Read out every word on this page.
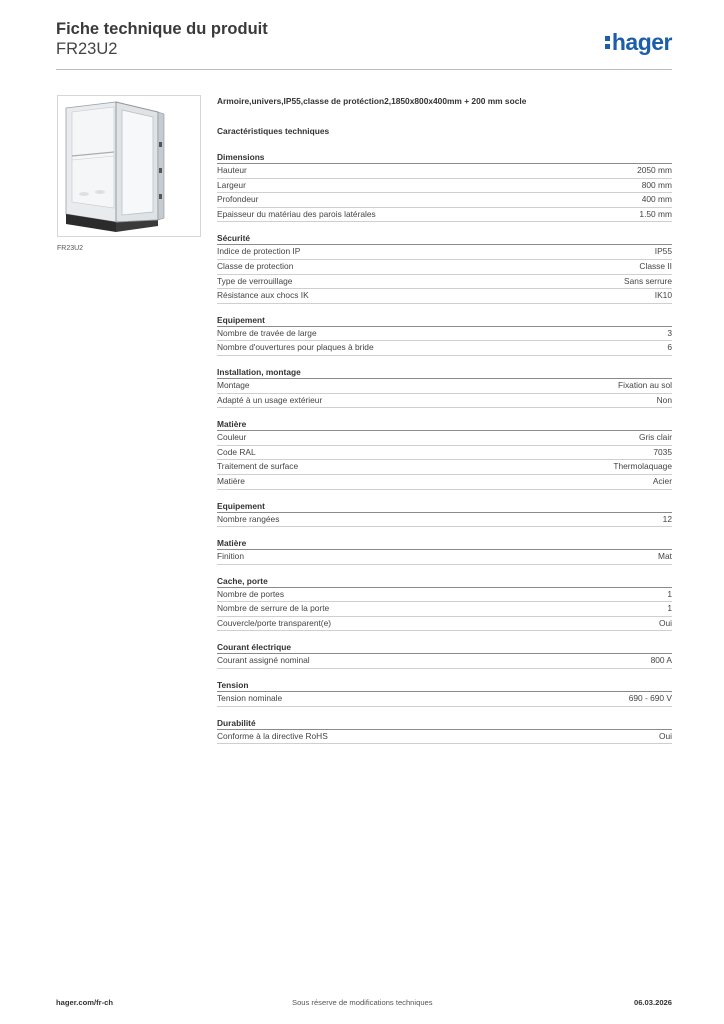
Fiche technique du produit
FR23U2	hager
FR23U2
Armoire,univers,IP55,classe de protéction2,1850x800x400mm + 200 mm socle
Caractéristiques techniques
Dimensions
Hauteur	2050 mm
Largeur	800 mm
Profondeur	400 mm
Epaisseur du matériau des parois latérales	1.50 mm
Sécurité
Indice de protection IP	IP55
Classe de protection	Classe II
Type de verrouillage	Sans serrure
Résistance aux chocs IK	IK10
Equipement
Nombre de travée de large	3
Nombre d'ouvertures pour plaques à bride	6
Installation, montage
Montage	Fixation au sol
Adapté à un usage extérieur	Non
Matière
Couleur	Gris clair
Code RAL	7035
Traitement de surface	Thermolaquage
Matière	Acier
Equipement
Nombre rangées	12
Matière
Finition	Mat
Cache, porte
Nombre de portes	1
Nombre de serrure de la porte	1
Couvercle/porte transparent(e)	Oui
Courant électrique
Courant assigné nominal	800 A
Tension
Tension nominale	690 - 690 V
Durabilité
Conforme à la directive RoHS	Oui
hager.com/fr-ch	Sous réserve de modifications techniques	06.03.2026
